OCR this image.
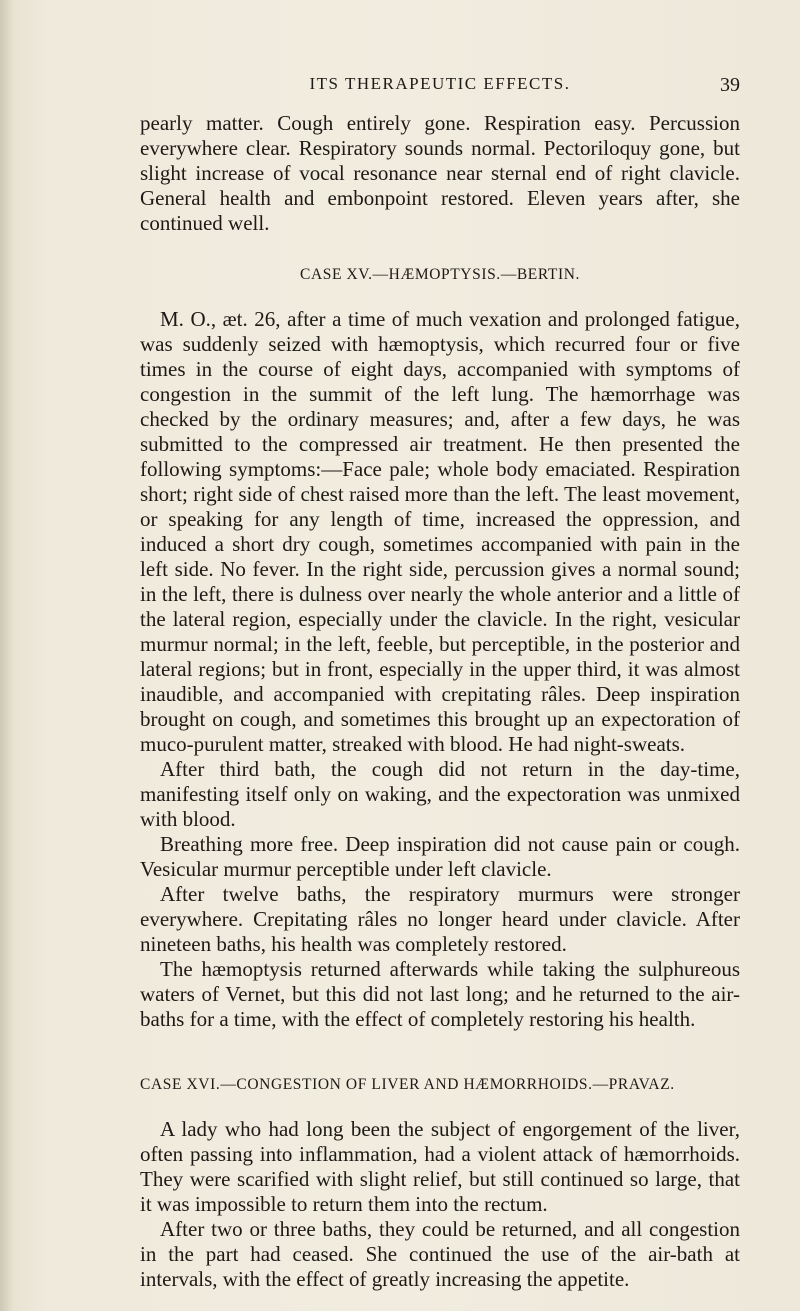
ITS THERAPEUTIC EFFECTS.	39

pearly matter. Cough entirely gone. Respiration easy. Percussion everywhere clear. Respiratory sounds normal. Pectoriloquy gone, but slight increase of vocal resonance near sternal end of right clavicle. General health and embonpoint restored. Eleven years after, she continued well.

CASE XV.—HÆMOPTYSIS.—BERTIN.

M. O., æt. 26, after a time of much vexation and prolonged fatigue, was suddenly seized with hæmoptysis, which recurred four or five times in the course of eight days, accompanied with symptoms of congestion in the summit of the left lung. The hæmorrhage was checked by the ordinary measures; and, after a few days, he was submitted to the compressed air treatment. He then presented the following symptoms:—Face pale; whole body emaciated. Respiration short; right side of chest raised more than the left. The least movement, or speaking for any length of time, increased the oppression, and induced a short dry cough, sometimes accompanied with pain in the left side. No fever. In the right side, percussion gives a normal sound; in the left, there is dulness over nearly the whole anterior and a little of the lateral region, especially under the clavicle. In the right, vesicular murmur normal; in the left, feeble, but perceptible, in the posterior and lateral regions; but in front, especially in the upper third, it was almost inaudible, and accompanied with crepitating râles. Deep inspiration brought on cough, and sometimes this brought up an expectoration of muco-purulent matter, streaked with blood. He had night-sweats.

After third bath, the cough did not return in the day-time, manifesting itself only on waking, and the expectoration was unmixed with blood.

Breathing more free. Deep inspiration did not cause pain or cough. Vesicular murmur perceptible under left clavicle.

After twelve baths, the respiratory murmurs were stronger everywhere. Crepitating râles no longer heard under clavicle. After nineteen baths, his health was completely restored.

The hæmoptysis returned afterwards while taking the sulphureous waters of Vernet, but this did not last long; and he returned to the air-baths for a time, with the effect of completely restoring his health.

CASE XVI.—CONGESTION OF LIVER AND HÆMORRHOIDS.—PRAVAZ.

A lady who had long been the subject of engorgement of the liver, often passing into inflammation, had a violent attack of hæmorrhoids. They were scarified with slight relief, but still continued so large, that it was impossible to return them into the rectum.

After two or three baths, they could be returned, and all congestion in the part had ceased. She continued the use of the air-bath at intervals, with the effect of greatly increasing the appetite.
